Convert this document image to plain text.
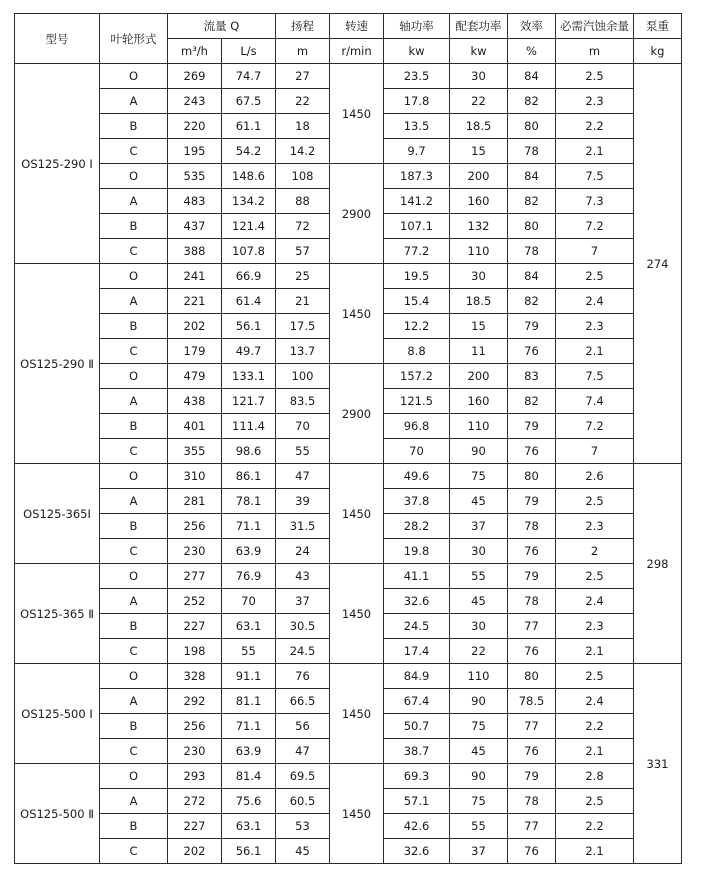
型号	叶轮形式	流量 Q		扬程	转速	轴功率	配套功率	效率	必需汽蚀余量	泵重
		m³/h	L/s	m	r/min	kw	kw	%	m	kg
OS125-290 I	O	269	74.7	27	1450	23.5	30	84	2.5	274
	A	243	67.5	22		17.8	22	82	2.3	
	B	220	61.1	18		13.5	18.5	80	2.2	
	C	195	54.2	14.2		9.7	15	78	2.1	
	O	535	148.6	108	2900	187.3	200	84	7.5	
	A	483	134.2	88		141.2	160	82	7.3	
	B	437	121.4	72		107.1	132	80	7.2	
	C	388	107.8	57		77.2	110	78	7	
OS125-290 Ⅱ	O	241	66.9	25	1450	19.5	30	84	2.5	
	A	221	61.4	21		15.4	18.5	82	2.4	
	B	202	56.1	17.5		12.2	15	79	2.3	
	C	179	49.7	13.7		8.8	11	76	2.1	
	O	479	133.1	100	2900	157.2	200	83	7.5	
	A	438	121.7	83.5		121.5	160	82	7.4	
	B	401	111.4	70		96.8	110	79	7.2	
	C	355	98.6	55		70	90	76	7	
OS125-365I	O	310	86.1	47	1450	49.6	75	80	2.6	298
	A	281	78.1	39		37.8	45	79	2.5	
	B	256	71.1	31.5		28.2	37	78	2.3	
	C	230	63.9	24		19.8	30	76	2	
OS125-365 Ⅱ	O	277	76.9	43	1450	41.1	55	79	2.5	
	A	252	70	37		32.6	45	78	2.4	
	B	227	63.1	30.5		24.5	30	77	2.3	
	C	198	55	24.5		17.4	22	76	2.1	
OS125-500 I	O	328	91.1	76	1450	84.9	110	80	2.5	331
	A	292	81.1	66.5		67.4	90	78.5	2.4	
	B	256	71.1	56		50.7	75	77	2.2	
	C	230	63.9	47		38.7	45	76	2.1	
OS125-500 Ⅱ	O	293	81.4	69.5	1450	69.3	90	79	2.8	
	A	272	75.6	60.5		57.1	75	78	2.5	
	B	227	63.1	53		42.6	55	77	2.2	
	C	202	56.1	45		32.6	37	76	2.1	
